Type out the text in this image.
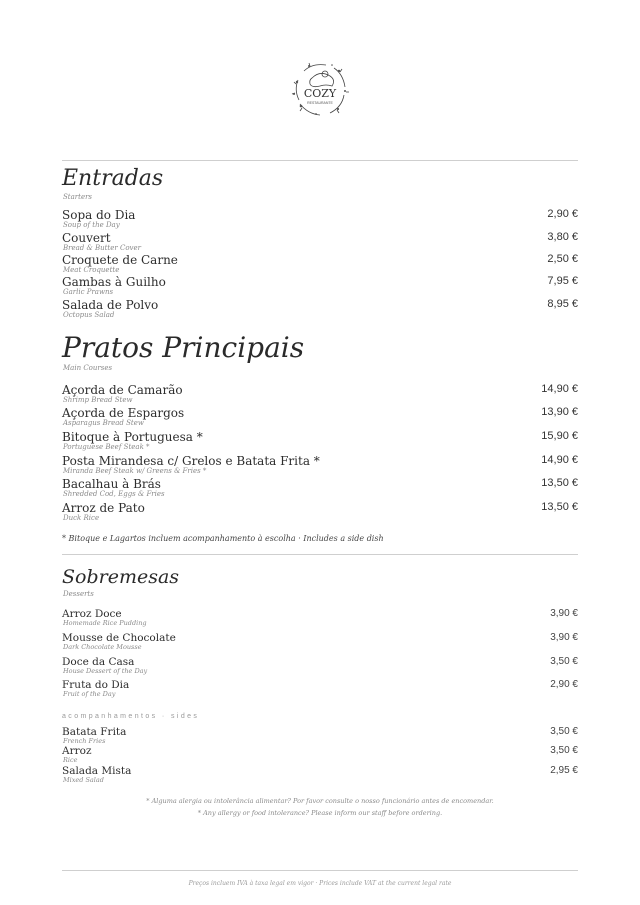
COZY
RESTAURANTE
Entradas
Starters
Sopa do Dia
Soup of the Day
2,90 €
Couvert
Bread & Butter Cover
3,80 €
Croquete de Carne
Meat Croquette
2,50 €
Gambas à Guilho
Garlic Prawns
7,95 €
Salada de Polvo
Octopus Salad
8,95 €
Pratos Principais
Main Courses
Açorda de Camarão
Shrimp Bread Stew
14,90 €
Açorda de Espargos
Asparagus Bread Stew
13,90 €
Bitoque à Portuguesa *
Portuguese Beef Steak *
15,90 €
Posta Mirandesa c/ Grelos e Batata Frita *
Miranda Beef Steak w/ Greens & Fries *
14,90 €
Bacalhau à Brás
Shredded Cod, Eggs & Fries
13,50 €
Arroz de Pato
Duck Rice
13,50 €
* Bitoque e Lagartos incluem acompanhamento à escolha · Includes a side dish
Sobremesas
Desserts
Arroz Doce
Homemade Rice Pudding
3,90 €
Mousse de Chocolate
Dark Chocolate Mousse
3,90 €
Doce da Casa
House Dessert of the Day
3,50 €
Fruta do Dia
Fruit of the Day
2,90 €
acompanhamentos · sides
Batata Frita
French Fries
3,50 €
Arroz
Rice
3,50 €
Salada Mista
Mixed Salad
2,95 €
* Alguma alergia ou intolerância alimentar? Por favor consulte o nosso funcionário antes de encomendar.
* Any allergy or food intolerance? Please inform our staff before ordering.
Preços incluem IVA à taxa legal em vigor · Prices include VAT at the current legal rate
